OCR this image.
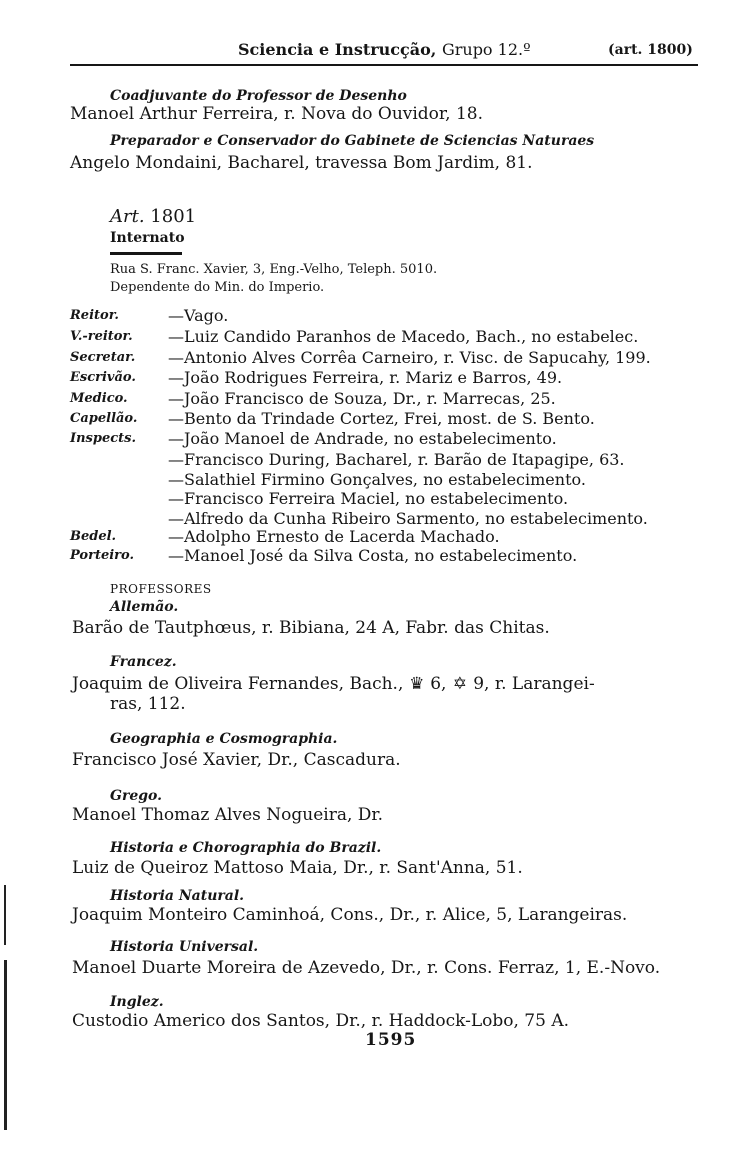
Sciencia e Instrucção, Grupo 12.º	(art. 1800)
Coadjuvante do Professor de Desenho
Manoel Arthur Ferreira, r. Nova do Ouvidor, 18.
Preparador e Conservador do Gabinete de Sciencias Naturaes
Angelo Mondaini, Bacharel, travessa Bom Jardim, 81.
Art. 1801
Internato
Rua S. Franc. Xavier, 3, Eng.-Velho, Teleph. 5010.
Dependente do Min. do Imperio.
Reitor.	—Vago.
V.-reitor. —Luiz Candido Paranhos de Macedo, Bach., no estabelec.
Secretar. —Antonio Alves Corrêa Carneiro, r. Visc. de Sapucahy, 199.
Escrivão. —João Rodrigues Ferreira, r. Mariz e Barros, 49.
Medico.	—João Francisco de Souza, Dr., r. Marrecas, 25.
Capellão. —Bento da Trindade Cortez, Frei, most. de S. Bento.
Inspects. —João Manoel de Andrade, no estabelecimento.
—Francisco During, Bacharel, r. Barão de Itapagipe, 63.
—Salathiel Firmino Gonçalves, no estabelecimento.
—Francisco Ferreira Maciel, no estabelecimento.
—Alfredo da Cunha Ribeiro Sarmento, no estabelecimento.
Bedel.	—Adolpho Ernesto de Lacerda Machado.
Porteiro. —Manoel José da Silva Costa, no estabelecimento.
PROFESSORES
Allemão.
Barão de Tautphœus, r. Bibiana, 24 A, Fabr. das Chitas.
Francez.
Joaquim de Oliveira Fernandes, Bach., ♛ 6, ✡ 9, r. Larangei-
ras, 112.
Geographia e Cosmographia.
Francisco José Xavier, Dr., Cascadura.
Grego.
Manoel Thomaz Alves Nogueira, Dr.
Historia e Chorographia do Brazil.
Luiz de Queiroz Mattoso Maia, Dr., r. Sant'Anna, 51.
Historia Natural.
Joaquim Monteiro Caminhoá, Cons., Dr., r. Alice, 5, Larangeiras.
Historia Universal.
Manoel Duarte Moreira de Azevedo, Dr., r. Cons. Ferraz, 1, E.-Novo.
Inglez.
Custodio Americo dos Santos, Dr., r. Haddock-Lobo, 75 A.
1595
